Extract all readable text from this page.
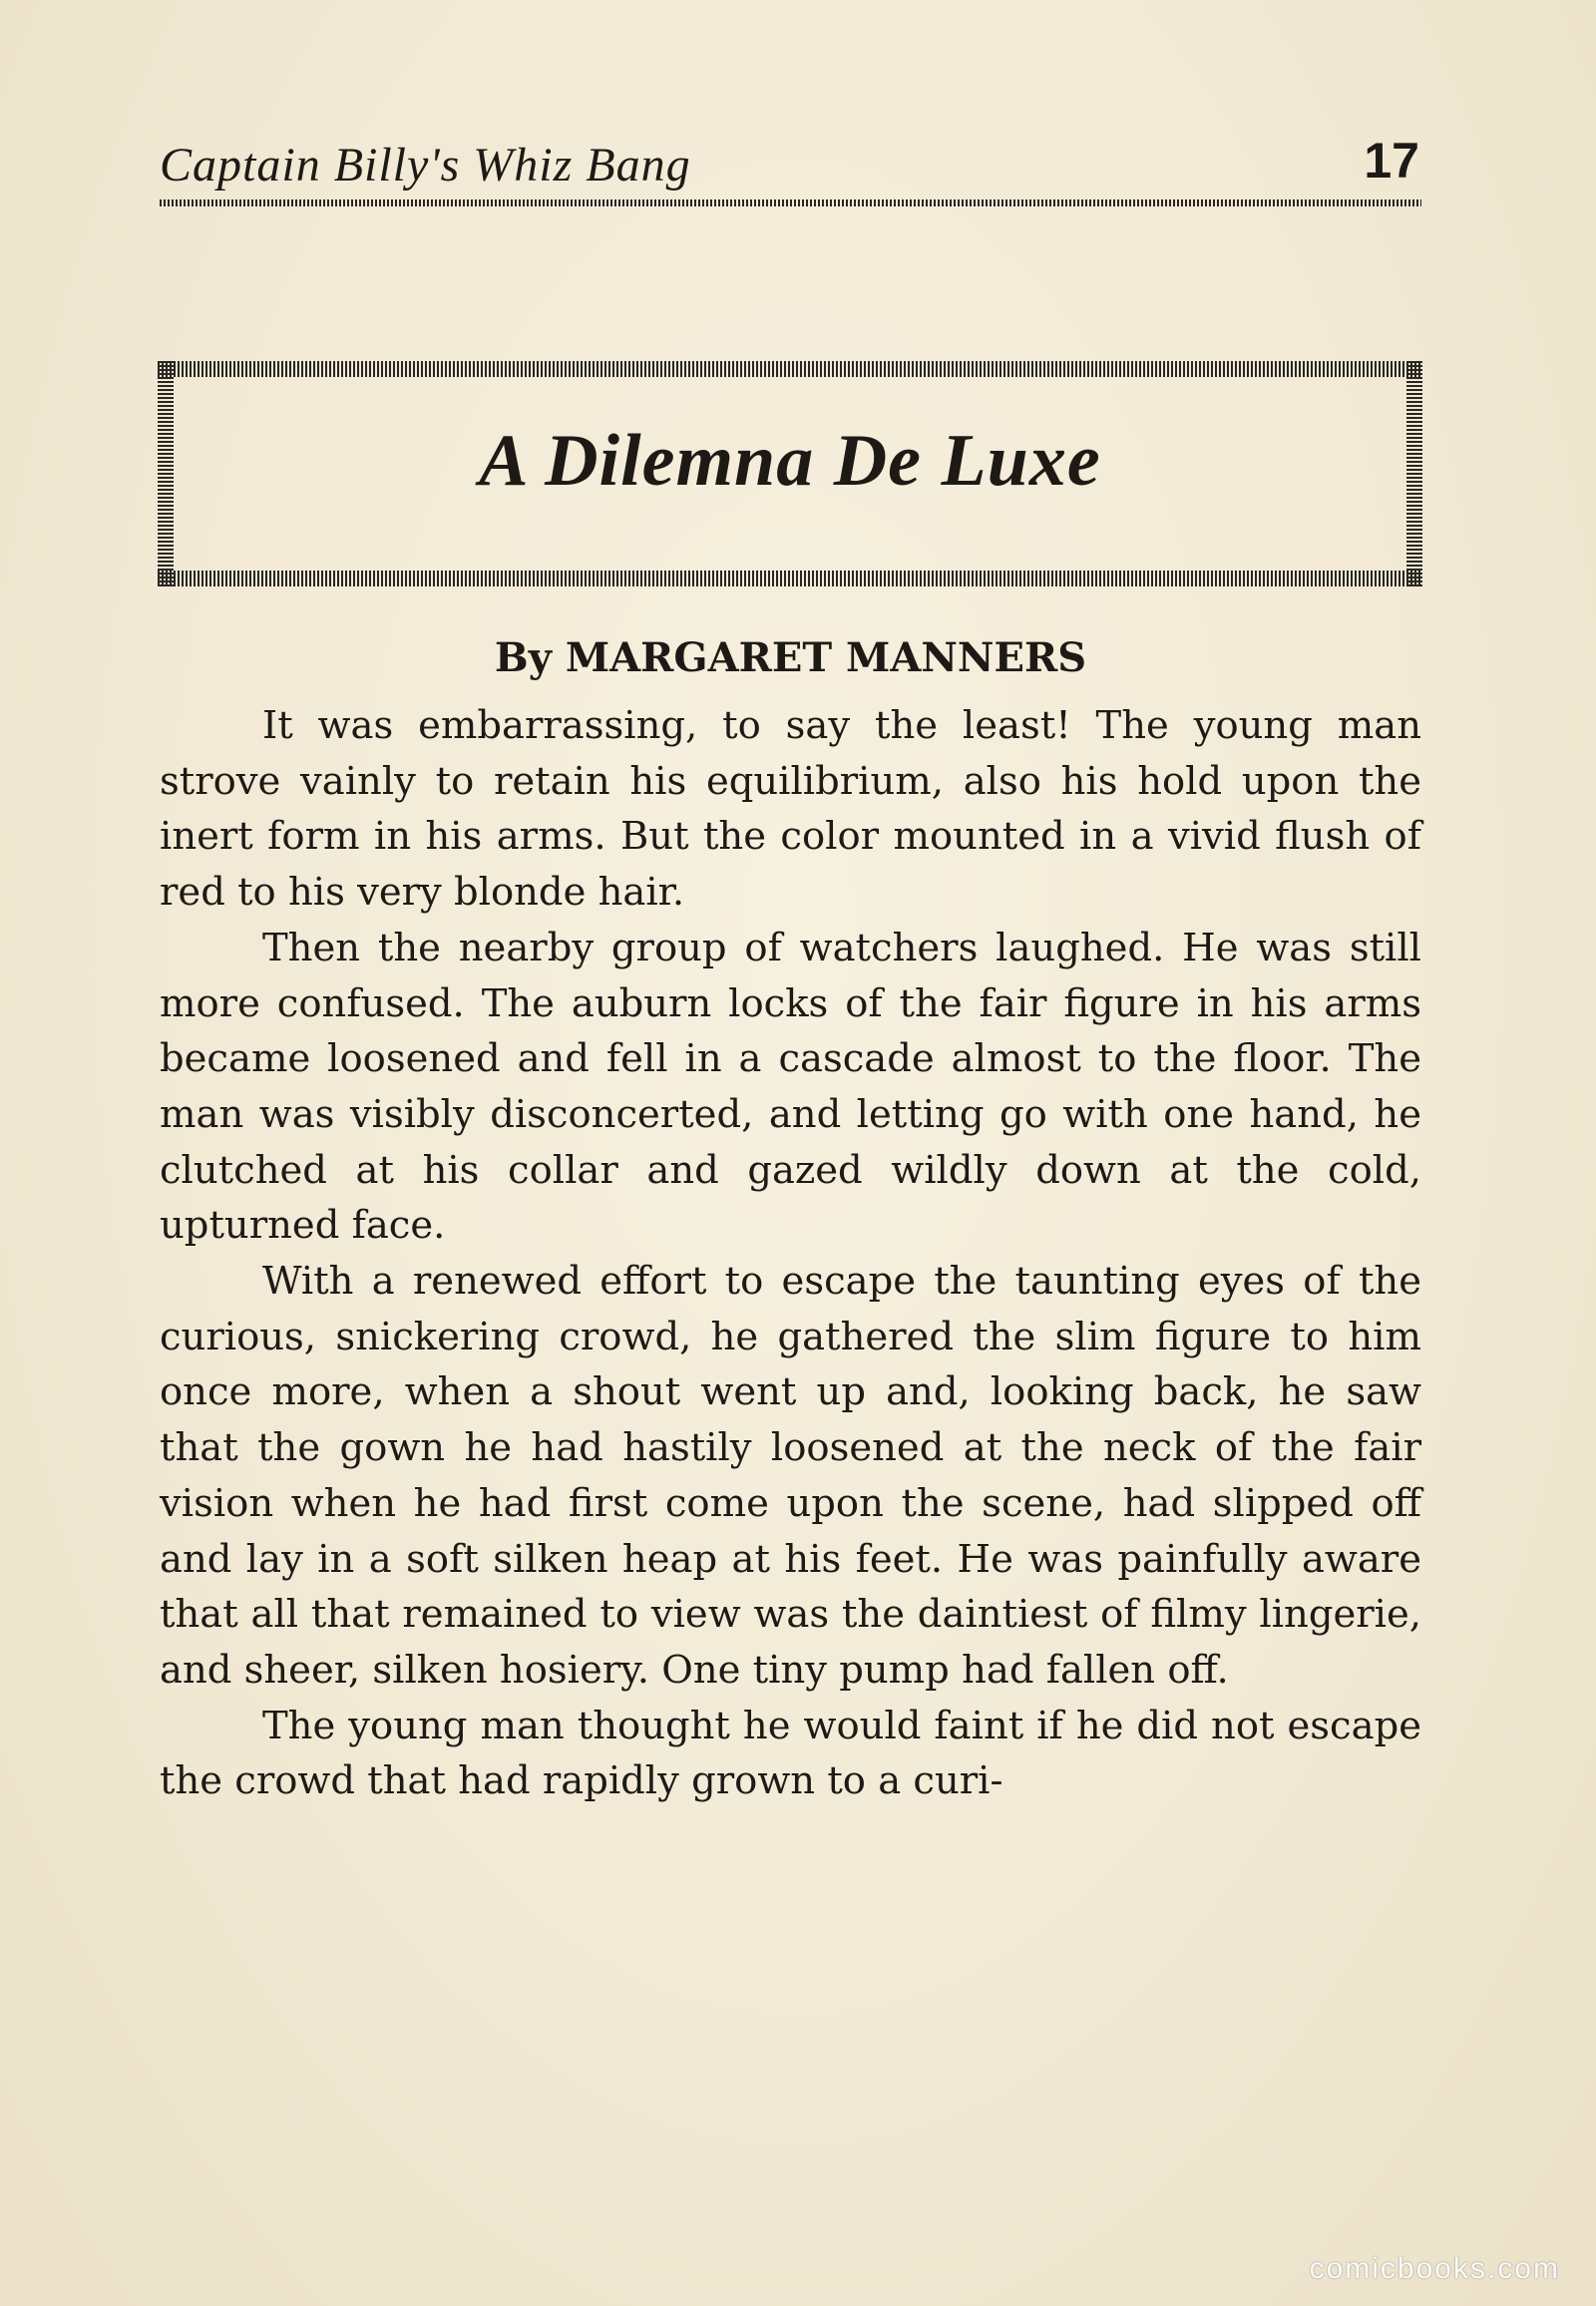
Captain Billy's Whiz Bang	17
A Dilemna De Luxe
By MARGARET MANNERS

It was embarrassing, to say the least! The young man strove vainly to retain his equilibrium, also his hold upon the inert form in his arms. But the color mounted in a vivid flush of red to his very blonde hair.

Then the nearby group of watchers laughed. He was still more confused. The auburn locks of the fair figure in his arms became loosened and fell in a cascade almost to the floor. The man was visibly disconcerted, and letting go with one hand, he clutched at his collar and gazed wildly down at the cold, upturned face.

With a renewed effort to escape the taunting eyes of the curious, snickering crowd, he gathered the slim figure to him once more, when a shout went up and, looking back, he saw that the gown he had hastily loosened at the neck of the fair vision when he had first come upon the scene, had slipped off and lay in a soft silken heap at his feet. He was painfully aware that all that remained to view was the daintiest of filmy lingerie, and sheer, silken hosiery. One tiny pump had fallen off.

The young man thought he would faint if he did not escape the crowd that had rapidly grown to a curi-

comicbooks.com
